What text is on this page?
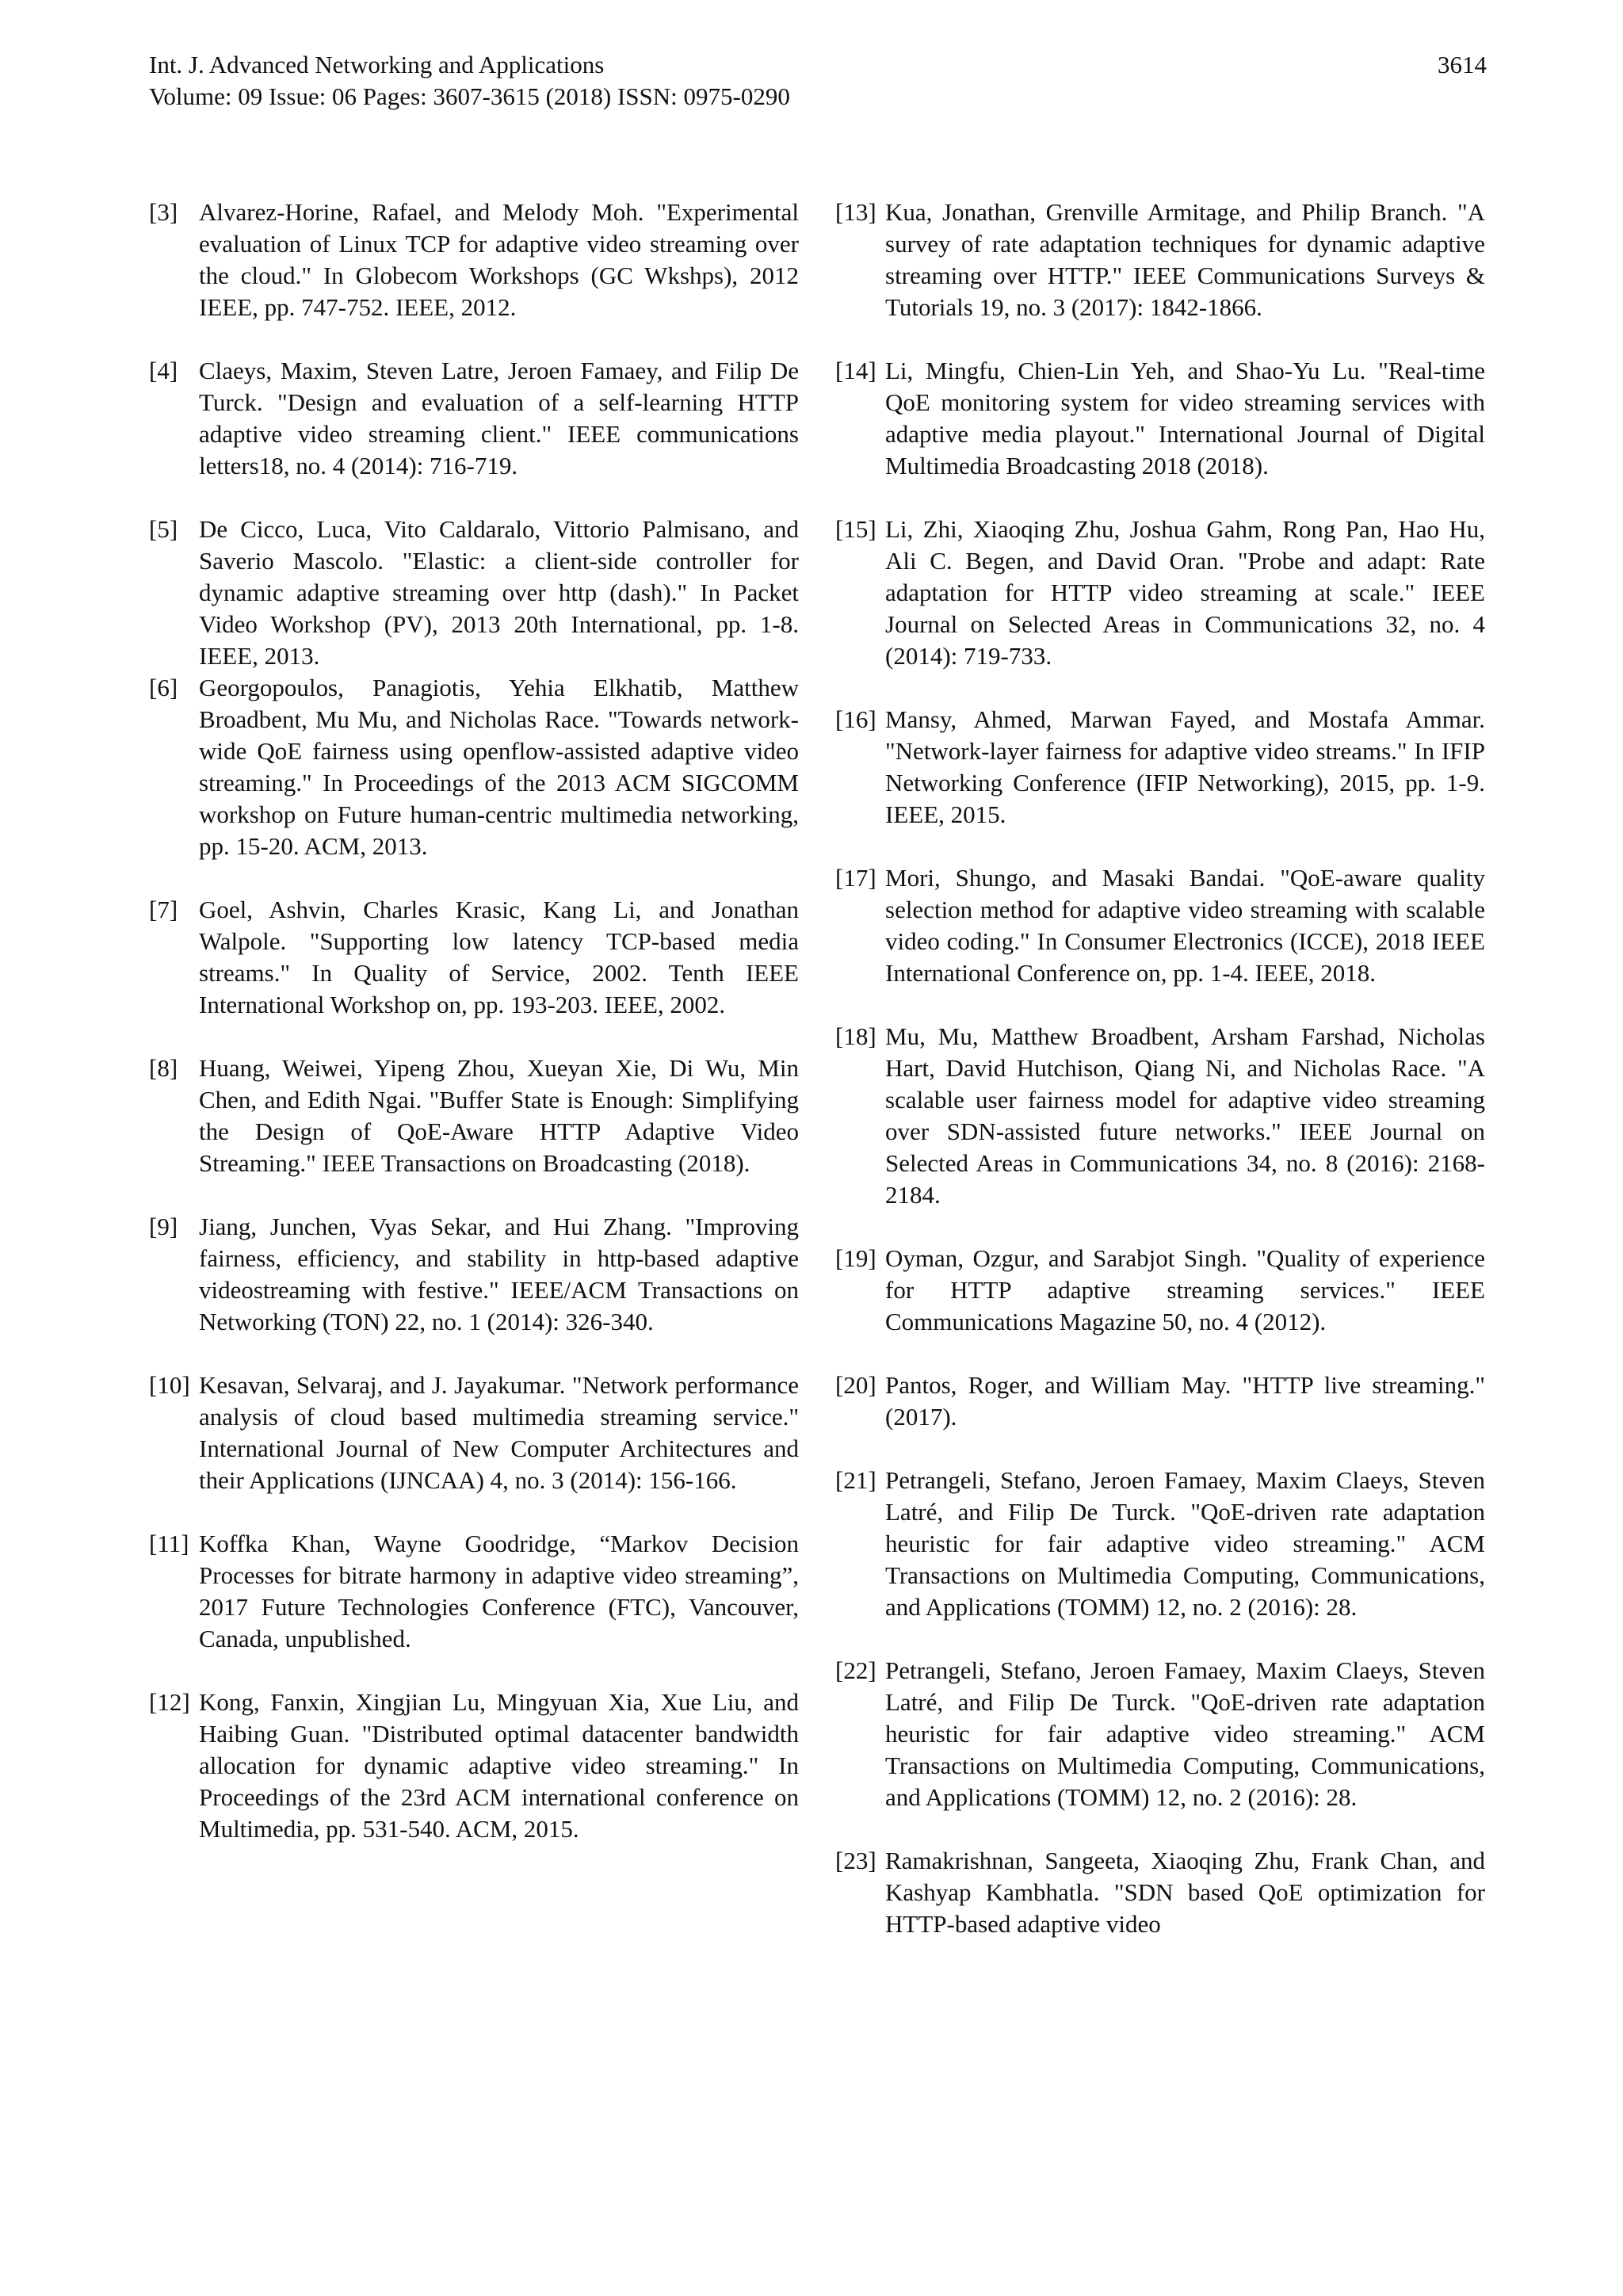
Int. J. Advanced Networking and Applications
Volume: 09 Issue: 06 Pages: 3607-3615 (2018) ISSN: 0975-0290
3614
[3] Alvarez-Horine, Rafael, and Melody Moh. "Experimental evaluation of Linux TCP for adaptive video streaming over the cloud." In Globecom Workshops (GC Wkshps), 2012 IEEE, pp. 747-752. IEEE, 2012.
[4] Claeys, Maxim, Steven Latre, Jeroen Famaey, and Filip De Turck. "Design and evaluation of a self-learning HTTP adaptive video streaming client." IEEE communications letters18, no. 4 (2014): 716-719.
[5] De Cicco, Luca, Vito Caldaralo, Vittorio Palmisano, and Saverio Mascolo. "Elastic: a client-side controller for dynamic adaptive streaming over http (dash)." In Packet Video Workshop (PV), 2013 20th International, pp. 1-8. IEEE, 2013.
[6] Georgopoulos, Panagiotis, Yehia Elkhatib, Matthew Broadbent, Mu Mu, and Nicholas Race. "Towards network-wide QoE fairness using openflow-assisted adaptive video streaming." In Proceedings of the 2013 ACM SIGCOMM workshop on Future human-centric multimedia networking, pp. 15-20. ACM, 2013.
[7] Goel, Ashvin, Charles Krasic, Kang Li, and Jonathan Walpole. "Supporting low latency TCP-based media streams." In Quality of Service, 2002. Tenth IEEE International Workshop on, pp. 193-203. IEEE, 2002.
[8] Huang, Weiwei, Yipeng Zhou, Xueyan Xie, Di Wu, Min Chen, and Edith Ngai. "Buffer State is Enough: Simplifying the Design of QoE-Aware HTTP Adaptive Video Streaming." IEEE Transactions on Broadcasting (2018).
[9] Jiang, Junchen, Vyas Sekar, and Hui Zhang. "Improving fairness, efficiency, and stability in http-based adaptive videostreaming with festive." IEEE/ACM Transactions on Networking (TON) 22, no. 1 (2014): 326-340.
[10] Kesavan, Selvaraj, and J. Jayakumar. "Network performance analysis of cloud based multimedia streaming service." International Journal of New Computer Architectures and their Applications (IJNCAA) 4, no. 3 (2014): 156-166.
[11] Koffka Khan, Wayne Goodridge, “Markov Decision Processes for bitrate harmony in adaptive video streaming”, 2017 Future Technologies Conference (FTC), Vancouver, Canada, unpublished.
[12] Kong, Fanxin, Xingjian Lu, Mingyuan Xia, Xue Liu, and Haibing Guan. "Distributed optimal datacenter bandwidth allocation for dynamic adaptive video streaming." In Proceedings of the 23rd ACM international conference on Multimedia, pp. 531-540. ACM, 2015.
[13] Kua, Jonathan, Grenville Armitage, and Philip Branch. "A survey of rate adaptation techniques for dynamic adaptive streaming over HTTP." IEEE Communications Surveys & Tutorials 19, no. 3 (2017): 1842-1866.
[14] Li, Mingfu, Chien-Lin Yeh, and Shao-Yu Lu. "Real-time QoE monitoring system for video streaming services with adaptive media playout." International Journal of Digital Multimedia Broadcasting 2018 (2018).
[15] Li, Zhi, Xiaoqing Zhu, Joshua Gahm, Rong Pan, Hao Hu, Ali C. Begen, and David Oran. "Probe and adapt: Rate adaptation for HTTP video streaming at scale." IEEE Journal on Selected Areas in Communications 32, no. 4 (2014): 719-733.
[16] Mansy, Ahmed, Marwan Fayed, and Mostafa Ammar. "Network-layer fairness for adaptive video streams." In IFIP Networking Conference (IFIP Networking), 2015, pp. 1-9. IEEE, 2015.
[17] Mori, Shungo, and Masaki Bandai. "QoE-aware quality selection method for adaptive video streaming with scalable video coding." In Consumer Electronics (ICCE), 2018 IEEE International Conference on, pp. 1-4. IEEE, 2018.
[18] Mu, Mu, Matthew Broadbent, Arsham Farshad, Nicholas Hart, David Hutchison, Qiang Ni, and Nicholas Race. "A scalable user fairness model for adaptive video streaming over SDN-assisted future networks." IEEE Journal on Selected Areas in Communications 34, no. 8 (2016): 2168-2184.
[19] Oyman, Ozgur, and Sarabjot Singh. "Quality of experience for HTTP adaptive streaming services." IEEE Communications Magazine 50, no. 4 (2012).
[20] Pantos, Roger, and William May. "HTTP live streaming." (2017).
[21] Petrangeli, Stefano, Jeroen Famaey, Maxim Claeys, Steven Latré, and Filip De Turck. "QoE-driven rate adaptation heuristic for fair adaptive video streaming." ACM Transactions on Multimedia Computing, Communications, and Applications (TOMM) 12, no. 2 (2016): 28.
[22] Petrangeli, Stefano, Jeroen Famaey, Maxim Claeys, Steven Latré, and Filip De Turck. "QoE-driven rate adaptation heuristic for fair adaptive video streaming." ACM Transactions on Multimedia Computing, Communications, and Applications (TOMM) 12, no. 2 (2016): 28.
[23] Ramakrishnan, Sangeeta, Xiaoqing Zhu, Frank Chan, and Kashyap Kambhatla. "SDN based QoE optimization for HTTP-based adaptive video
